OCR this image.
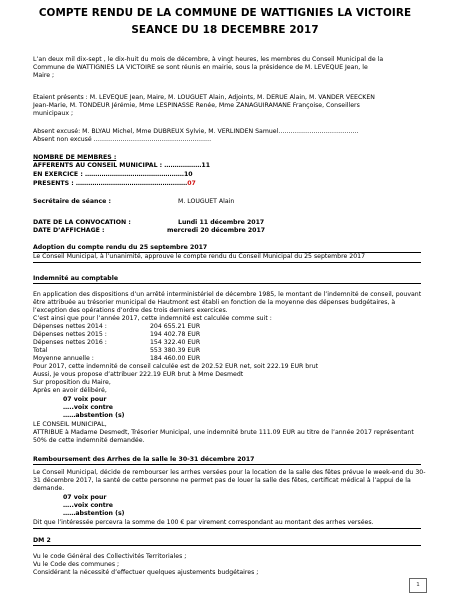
COMPTE RENDU DE LA COMMUNE DE WATTIGNIES LA VICTOIRE
SEANCE DU 18 DECEMBRE 2017
L’an deux mil dix-sept , le dix-huit du mois de décembre, à vingt heures, les membres du Conseil Municipal de la
Commune de WATTIGNIES LA VICTOIRE se sont réunis en mairie, sous la présidence de M. LEVEQUE Jean, le
Maire ;
Etaient présents : M. LEVEQUE Jean, Maire, M. LOUGUET Alain, Adjoints, M. DERUE Alain, M. VANDER VEECKEN
Jean-Marie, M. TONDEUR Jérémie, Mme LESPINASSE Renée, Mme ZANAGUIRAMANE Françoise, Conseillers
municipaux ;
Absent excusé: M. BLYAU Michel, Mme DUBREUX Sylvie, M. VERLINDEN Samuel…………………………………
Absent non excusé …………………………………………………
NOMBRE DE MEMBRES :
AFFERENTS AU CONSEIL MUNICIPAL : ………………11
EN EXERCICE : …………………………………………10
PRESENTS : ………………………………………………07
Secrétaire de séance :	M. LOUGUET Alain
DATE DE LA CONVOCATION :	Lundi 11 décembre 2017
DATE D’AFFICHAGE :	mercredi 20 décembre 2017
Adoption du compte rendu du 25 septembre 2017
Le Conseil Municipal, à l’unanimité, approuve le compte rendu du Conseil Municipal du 25 septembre 2017
Indemnité au comptable
En application des dispositions d’un arrêté interministériel de décembre 1985, le montant de l’indemnité de conseil, pouvant
être attribuée au trésorier municipal de Hautmont est établi en fonction de la moyenne des dépenses budgétaires, à
l’exception des opérations d’ordre des trois derniers exercices.
C’est ainsi que pour l’année 2017, cette indemnité est calculée comme suit :
Dépenses nettes 2014 :	204 655.21 EUR
Dépenses nettes 2015 :	194 402.78 EUR
Dépenses nettes 2016 :	154 322.40 EUR
Total	553 380.39 EUR
Moyenne annuelle :	184 460.00 EUR
Pour 2017, cette indemnité de conseil calculée est de 202.52 EUR net, soit 222.19 EUR brut
Aussi, Je vous propose d’attribuer 222.19 EUR brut à Mme Desmedt
Sur proposition du Maire,
Après en avoir délibéré,
07 voix pour
…..voix contre
……abstention (s)
LE CONSEIL MUNICIPAL,
ATTRIBUE à Madame Desmedt, Trésorier Municipal, une indemnité brute 111.09 EUR au titre de l’année 2017 représentant
50% de cette indemnité demandée.
Remboursement des Arrhes de la salle le 30-31 décembre 2017
Le Conseil Municipal, décide de rembourser les arrhes versées pour la location de la salle des fêtes prévue le week-end du 30-
31 décembre 2017, la santé de cette personne ne permet pas de louer la salle des fêtes, certificat médical à l’appui de la
demande.
07 voix pour
…..voix contre
……abstention (s)
Dit que l’intéressée percevra la somme de 100 € par virement correspondant au montant des arrhes versées.
DM 2
Vu le code Général des Collectivités Territoriales ;
Vu le Code des communes ;
Considérant la nécessité d’effectuer quelques ajustements budgétaires ;
1
